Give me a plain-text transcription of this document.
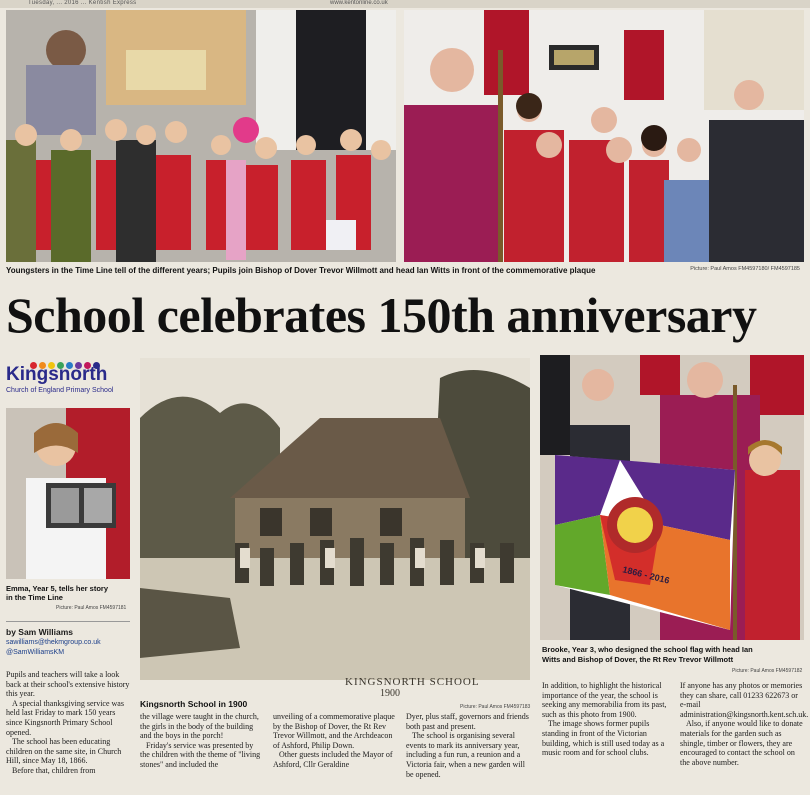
Tuesday, ... 2016 ... Kentish Express	www.kentonline.co.uk
Youngsters in the Time Line tell of the different years; Pupils join Bishop of Dover Trevor Willmott and head Ian Witts in front of the commemorative plaque	Picture: Paul Amos FM4597180/ FM4597185
School celebrates 150th anniversary
Kingsnorth
Church of England Primary School
Emma, Year 5, tells her story
in the Time Line
Picture: Paul Amos FM4597181
by Sam Williams
sawilliams@thekmgroup.co.uk
@SamWilliamsKM
KINGSNORTH SCHOOL
1900
Picture: Paul Amos FM4597183
Kingsnorth School in 1900
1866 - 2016
Brooke, Year 3, who designed the school flag with head Ian
Witts and Bishop of Dover, the Rt Rev Trevor Willmott
Picture: Paul Amos FM4597182

Pupils and teachers will take a look back at their school's extensive history this year.

A special thanksgiving service was held last Friday to mark 150 years since Kingsnorth Primary School opened.

The school has been educating children on the same site, in Church Hill, since May 18, 1866.

Before that, children from

the village were taught in the church, the girls in the body of the building and the boys in the porch!

Friday's service was presented by the children with the theme of "living stones" and included the

unveiling of a commemorative plaque by the Bishop of Dover, the Rt Rev Trevor Willmott, and the Archdeacon of Ashford, Philip Down.

Other guests included the Mayor of Ashford, Cllr Geraldine

Dyer, plus staff, governors and friends both past and present.

The school is organising several events to mark its anniversary year, including a fun run, a reunion and a Victoria fair, when a new garden will be opened.

In addition, to highlight the historical importance of the year, the school is seeking any memorabilia from its past, such as this photo from 1900.

The image shows former pupils standing in front of the Victorian building, which is still used today as a music room and for school clubs.

If anyone has any photos or memories they can share, call 01233 622673 or e-mail administration@kingsnorth.kent.sch.uk.

Also, if anyone would like to donate materials for the garden such as shingle, timber or flowers, they are encouraged to contact the school on the above number.
